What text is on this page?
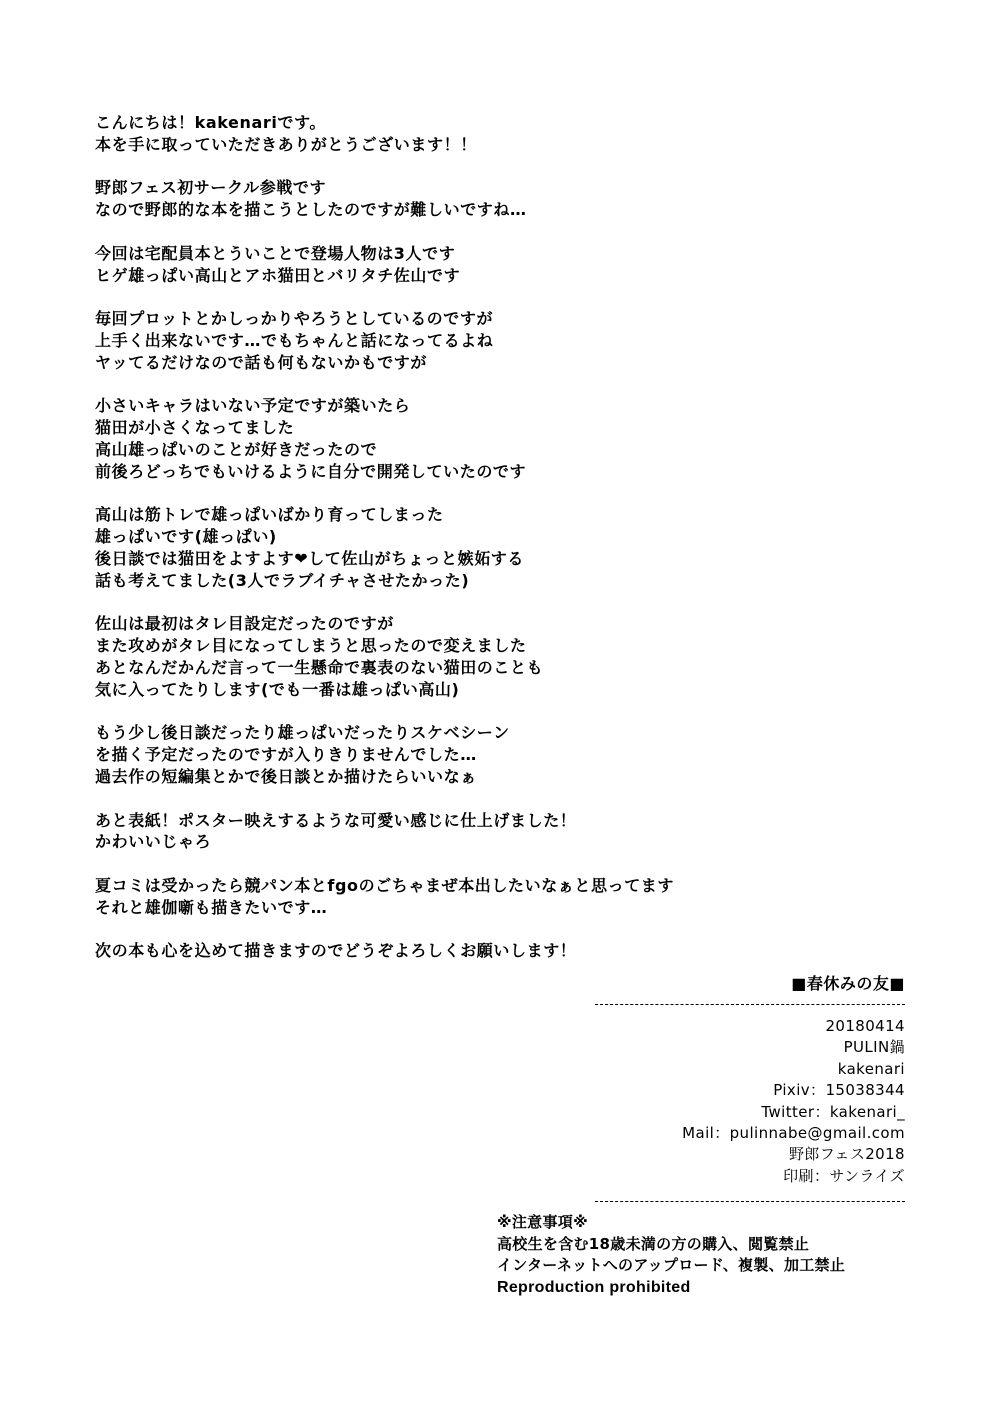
こんにちは！kakenariです。
本を手に取っていただきありがとうございます！！
野郎フェス初サークル参戦です
なので野郎的な本を描こうとしたのですが難しいですね…
今回は宅配員本とういことで登場人物は3人です
ヒゲ雄っぱい高山とアホ猫田とバリタチ佐山です
毎回プロットとかしっかりやろうとしているのですが
上手く出来ないです…でもちゃんと話になってるよね
ヤッてるだけなので話も何もないかもですが
小さいキャラはいない予定ですが築いたら
猫田が小さくなってました
高山雄っぱいのことが好きだったので
前後ろどっちでもいけるように自分で開発していたのです
高山は筋トレで雄っぱいばかり育ってしまった
雄っぱいです(雄っぱい)
後日談では猫田をよすよす❤して佐山がちょっと嫉妬する
話も考えてました(3人でラブイチャさせたかった)
佐山は最初はタレ目設定だったのですが
また攻めがタレ目になってしまうと思ったので変えました
あとなんだかんだ言って一生懸命で裏表のない猫田のことも
気に入ってたりします(でも一番は雄っぱい高山)
もう少し後日談だったり雄っぱいだったりスケベシーン
を描く予定だったのですが入りきりませんでした…
過去作の短編集とかで後日談とか描けたらいいなぁ
あと表紙！ポスター映えするような可愛い感じに仕上げました！
かわいいじゃろ
夏コミは受かったら競パン本とfgoのごちゃまぜ本出したいなぁと思ってます
それと雄伽噺も描きたいです…
次の本も心を込めて描きますのでどうぞよろしくお願いします！
■春休みの友■
20180414
PULIN鍋
kakenari
Pixiv：15038344
Twitter：kakenari_
Mail：pulinnabe@gmail.com
野郎フェス2018
印刷：サンライズ
※注意事項※
高校生を含む18歳未満の方の購入、閲覧禁止
インターネットへのアップロード、複製、加工禁止
Reproduction prohibited
